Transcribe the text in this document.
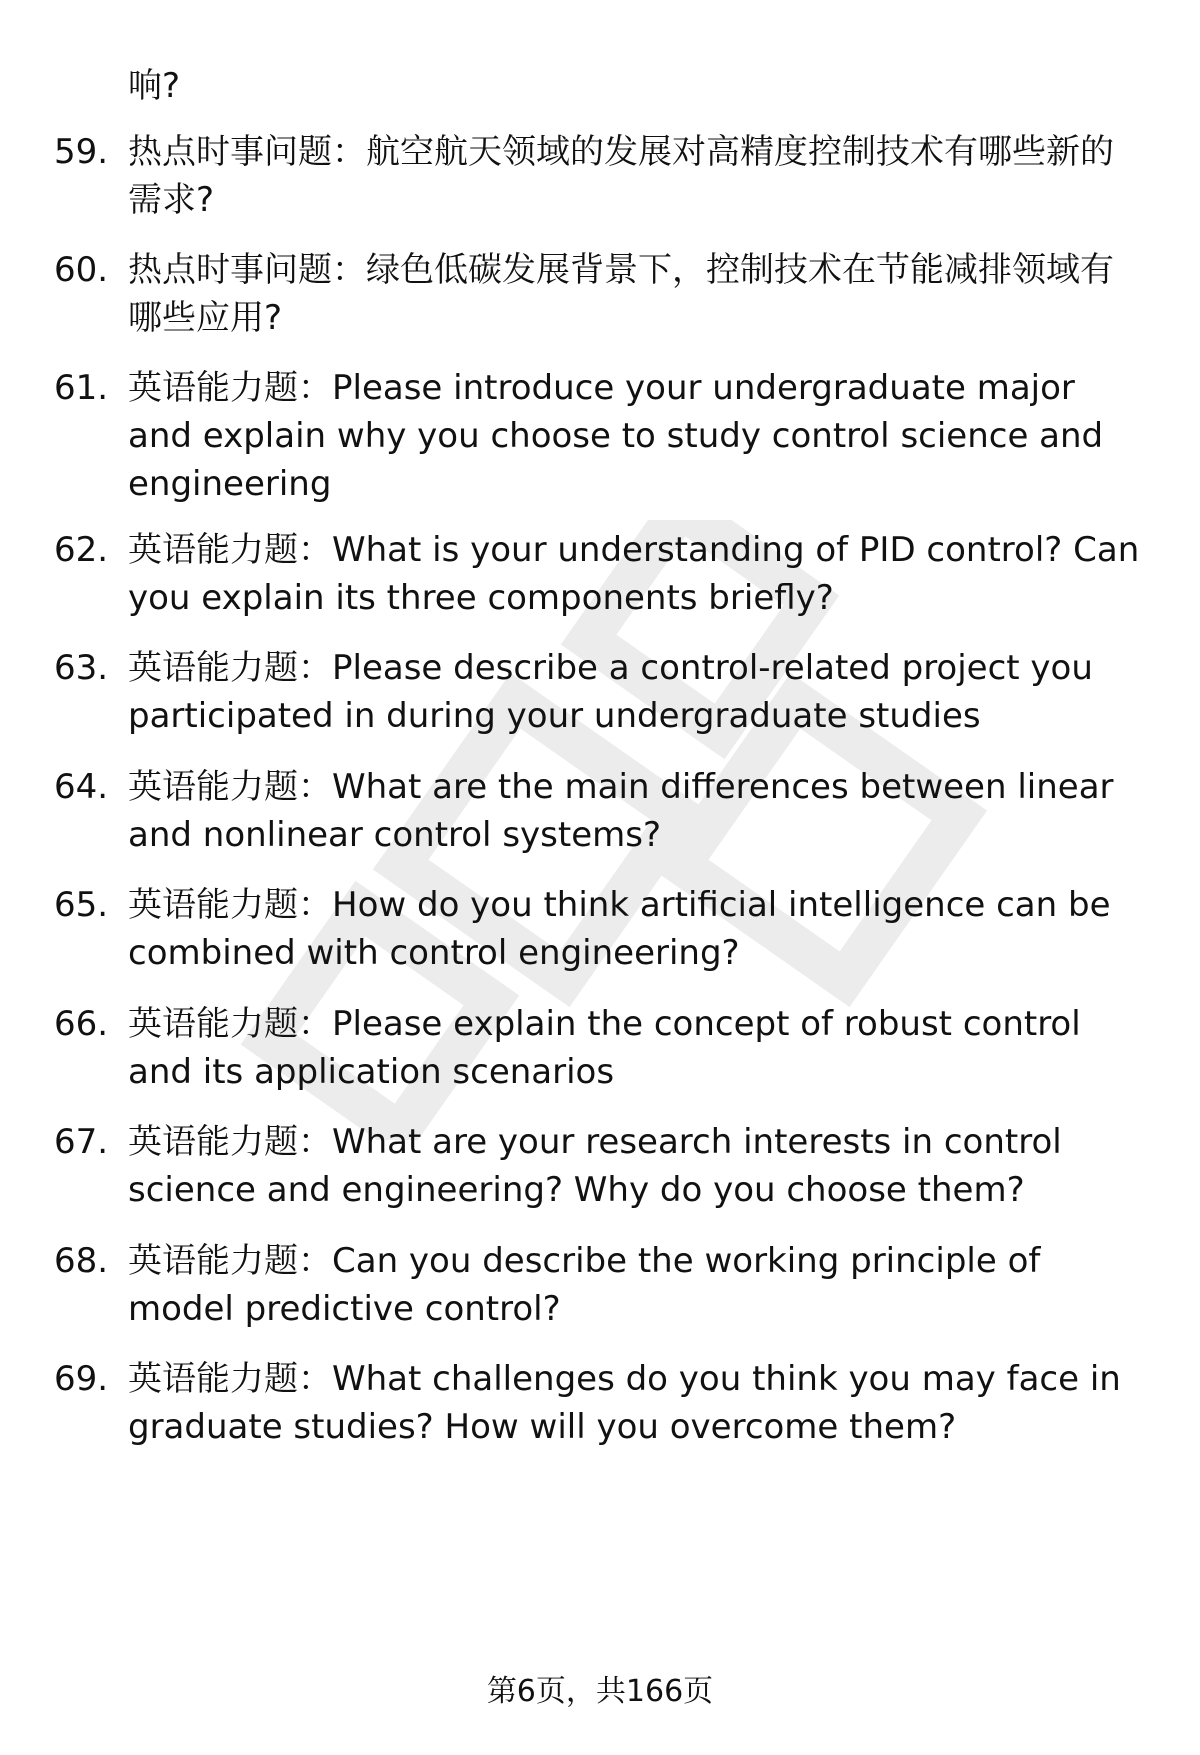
响?
59. 热点时事问题：航空航天领域的发展对高精度控制技术有哪些新的需求?
60. 热点时事问题：绿色低碳发展背景下，控制技术在节能减排领域有哪些应用?
61. 英语能力题：Please introduce your undergraduate major and explain why you choose to study control science and engineering
62. 英语能力题：What is your understanding of PID control? Can you explain its three components briefly?
63. 英语能力题：Please describe a control-related project you participated in during your undergraduate studies
64. 英语能力题：What are the main differences between linear and nonlinear control systems?
65. 英语能力题：How do you think artificial intelligence can be combined with control engineering?
66. 英语能力题：Please explain the concept of robust control and its application scenarios
67. 英语能力题：What are your research interests in control science and engineering? Why do you choose them?
68. 英语能力题：Can you describe the working principle of model predictive control?
69. 英语能力题：What challenges do you think you may face in graduate studies? How will you overcome them?
第6页，共166页
